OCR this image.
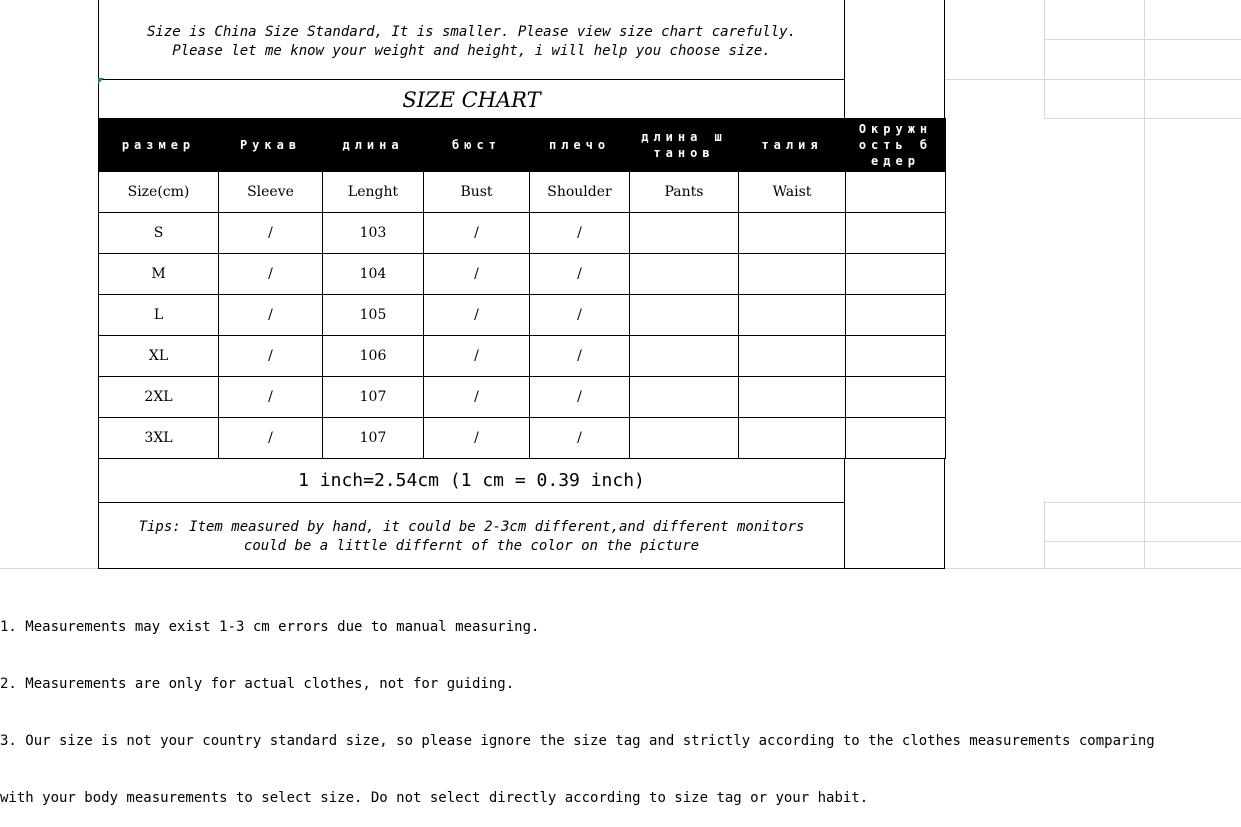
Size is China Size Standard, It is smaller. Please view size chart carefully.
Please let me know your weight and height, i will help you choose size.
SIZE CHART
размер	Рукав	длина	бюст	плечо	длина ш танов	талия	Окружн ость б едер
Size(cm)	Sleeve	Lenght	Bust	Shoulder	Pants	Waist	
S	/	103	/	/			
M	/	104	/	/			
L	/	105	/	/			
XL	/	106	/	/			
2XL	/	107	/	/			
3XL	/	107	/	/			
1 inch=2.54cm (1 cm = 0.39 inch)
Tips: Item measured by hand, it could be 2-3cm different,and different monitors
could be a little differnt of the color on the picture

1. Measurements may exist 1-3 cm errors due to manual measuring.

2. Measurements are only for actual clothes, not for guiding.

3. Our size is not your country standard size, so please ignore the size tag and strictly according to the clothes measurements comparing

with your body measurements to select size. Do not select directly according to size tag or your habit.
